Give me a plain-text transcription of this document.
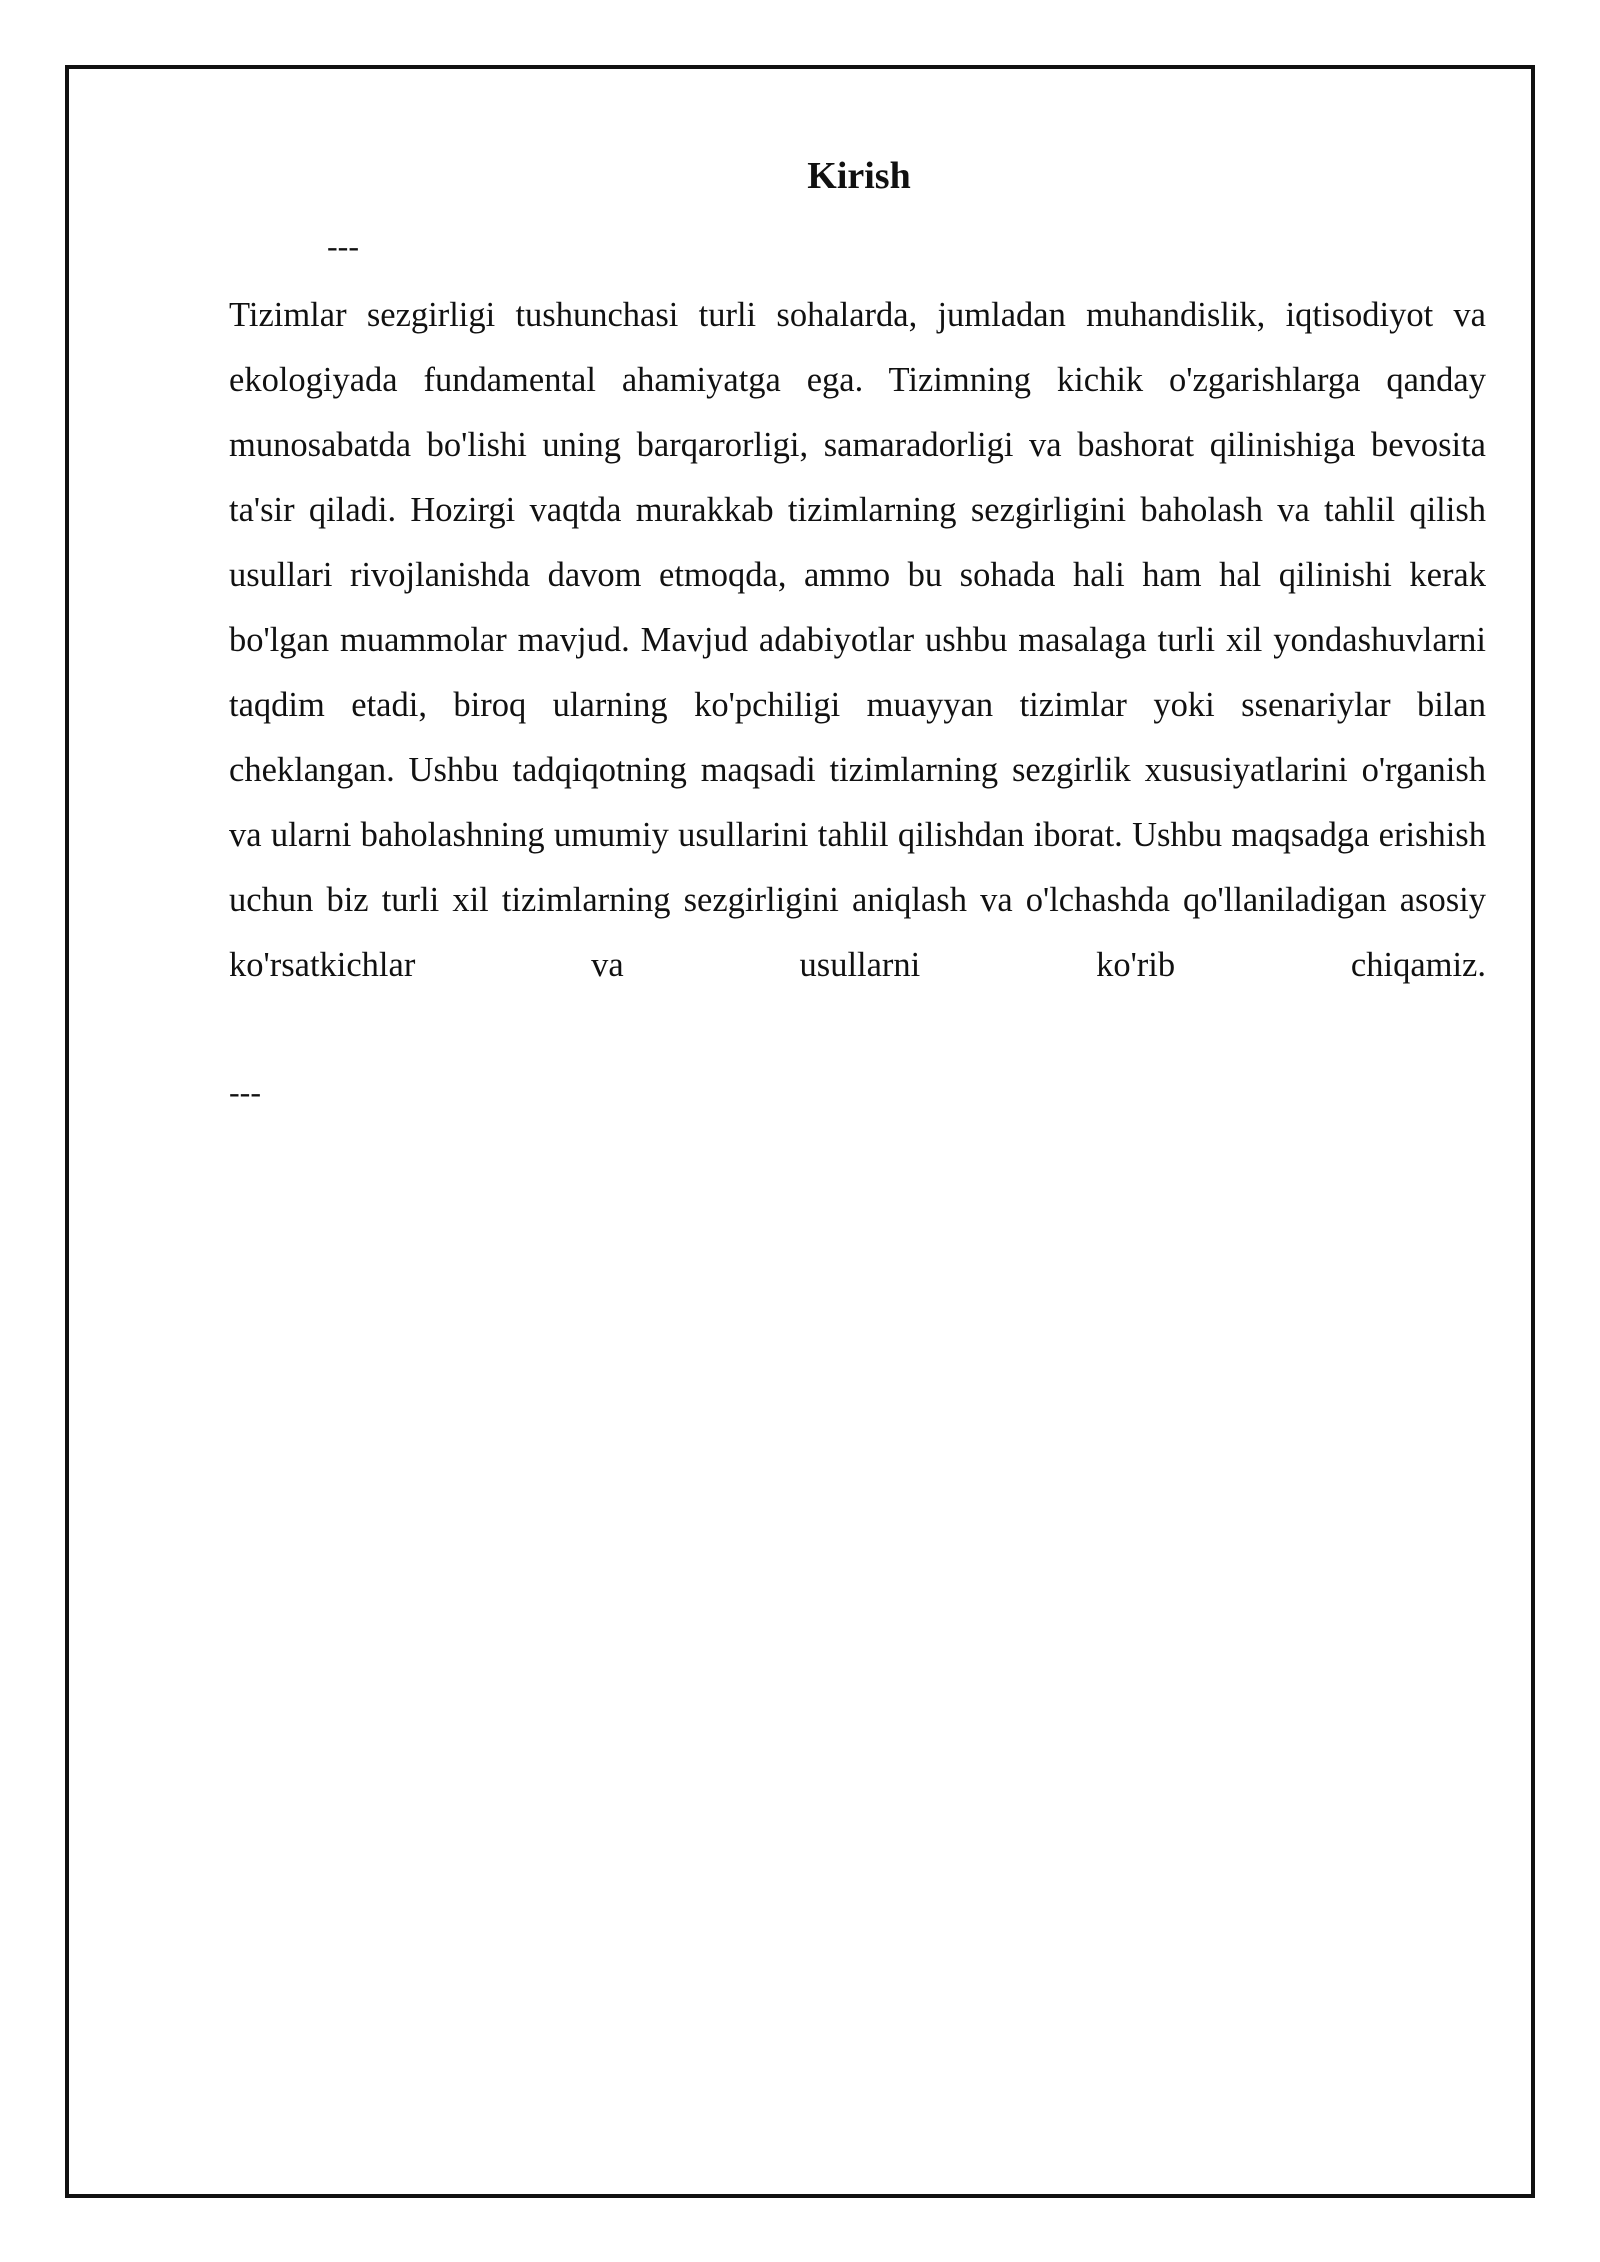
Kirish
---

Tizimlar sezgirligi tushunchasi turli sohalarda, jumladan muhandislik, iqtisodiyot va ekologiyada fundamental ahamiyatga ega. Tizimning kichik o'zgarishlarga qanday munosabatda bo'lishi uning barqarorligi, samaradorligi va bashorat qilinishiga bevosita ta'sir qiladi. Hozirgi vaqtda murakkab tizimlarning sezgirligini baholash va tahlil qilish usullari rivojlanishda davom etmoqda, ammo bu sohada hali ham hal qilinishi kerak bo'lgan muammolar mavjud. Mavjud adabiyotlar ushbu masalaga turli xil yondashuvlarni taqdim etadi, biroq ularning ko'pchiligi muayyan tizimlar yoki ssenariylar bilan cheklangan. Ushbu tadqiqotning maqsadi tizimlarning sezgirlik xususiyatlarini o'rganish va ularni baholashning umumiy usullarini tahlil qilishdan iborat. Ushbu maqsadga erishish uchun biz turli xil tizimlarning sezgirligini aniqlash va o'lchashda qo'llaniladigan asosiy ko'rsatkichlar va usullarni ko'rib chiqamiz.

---
